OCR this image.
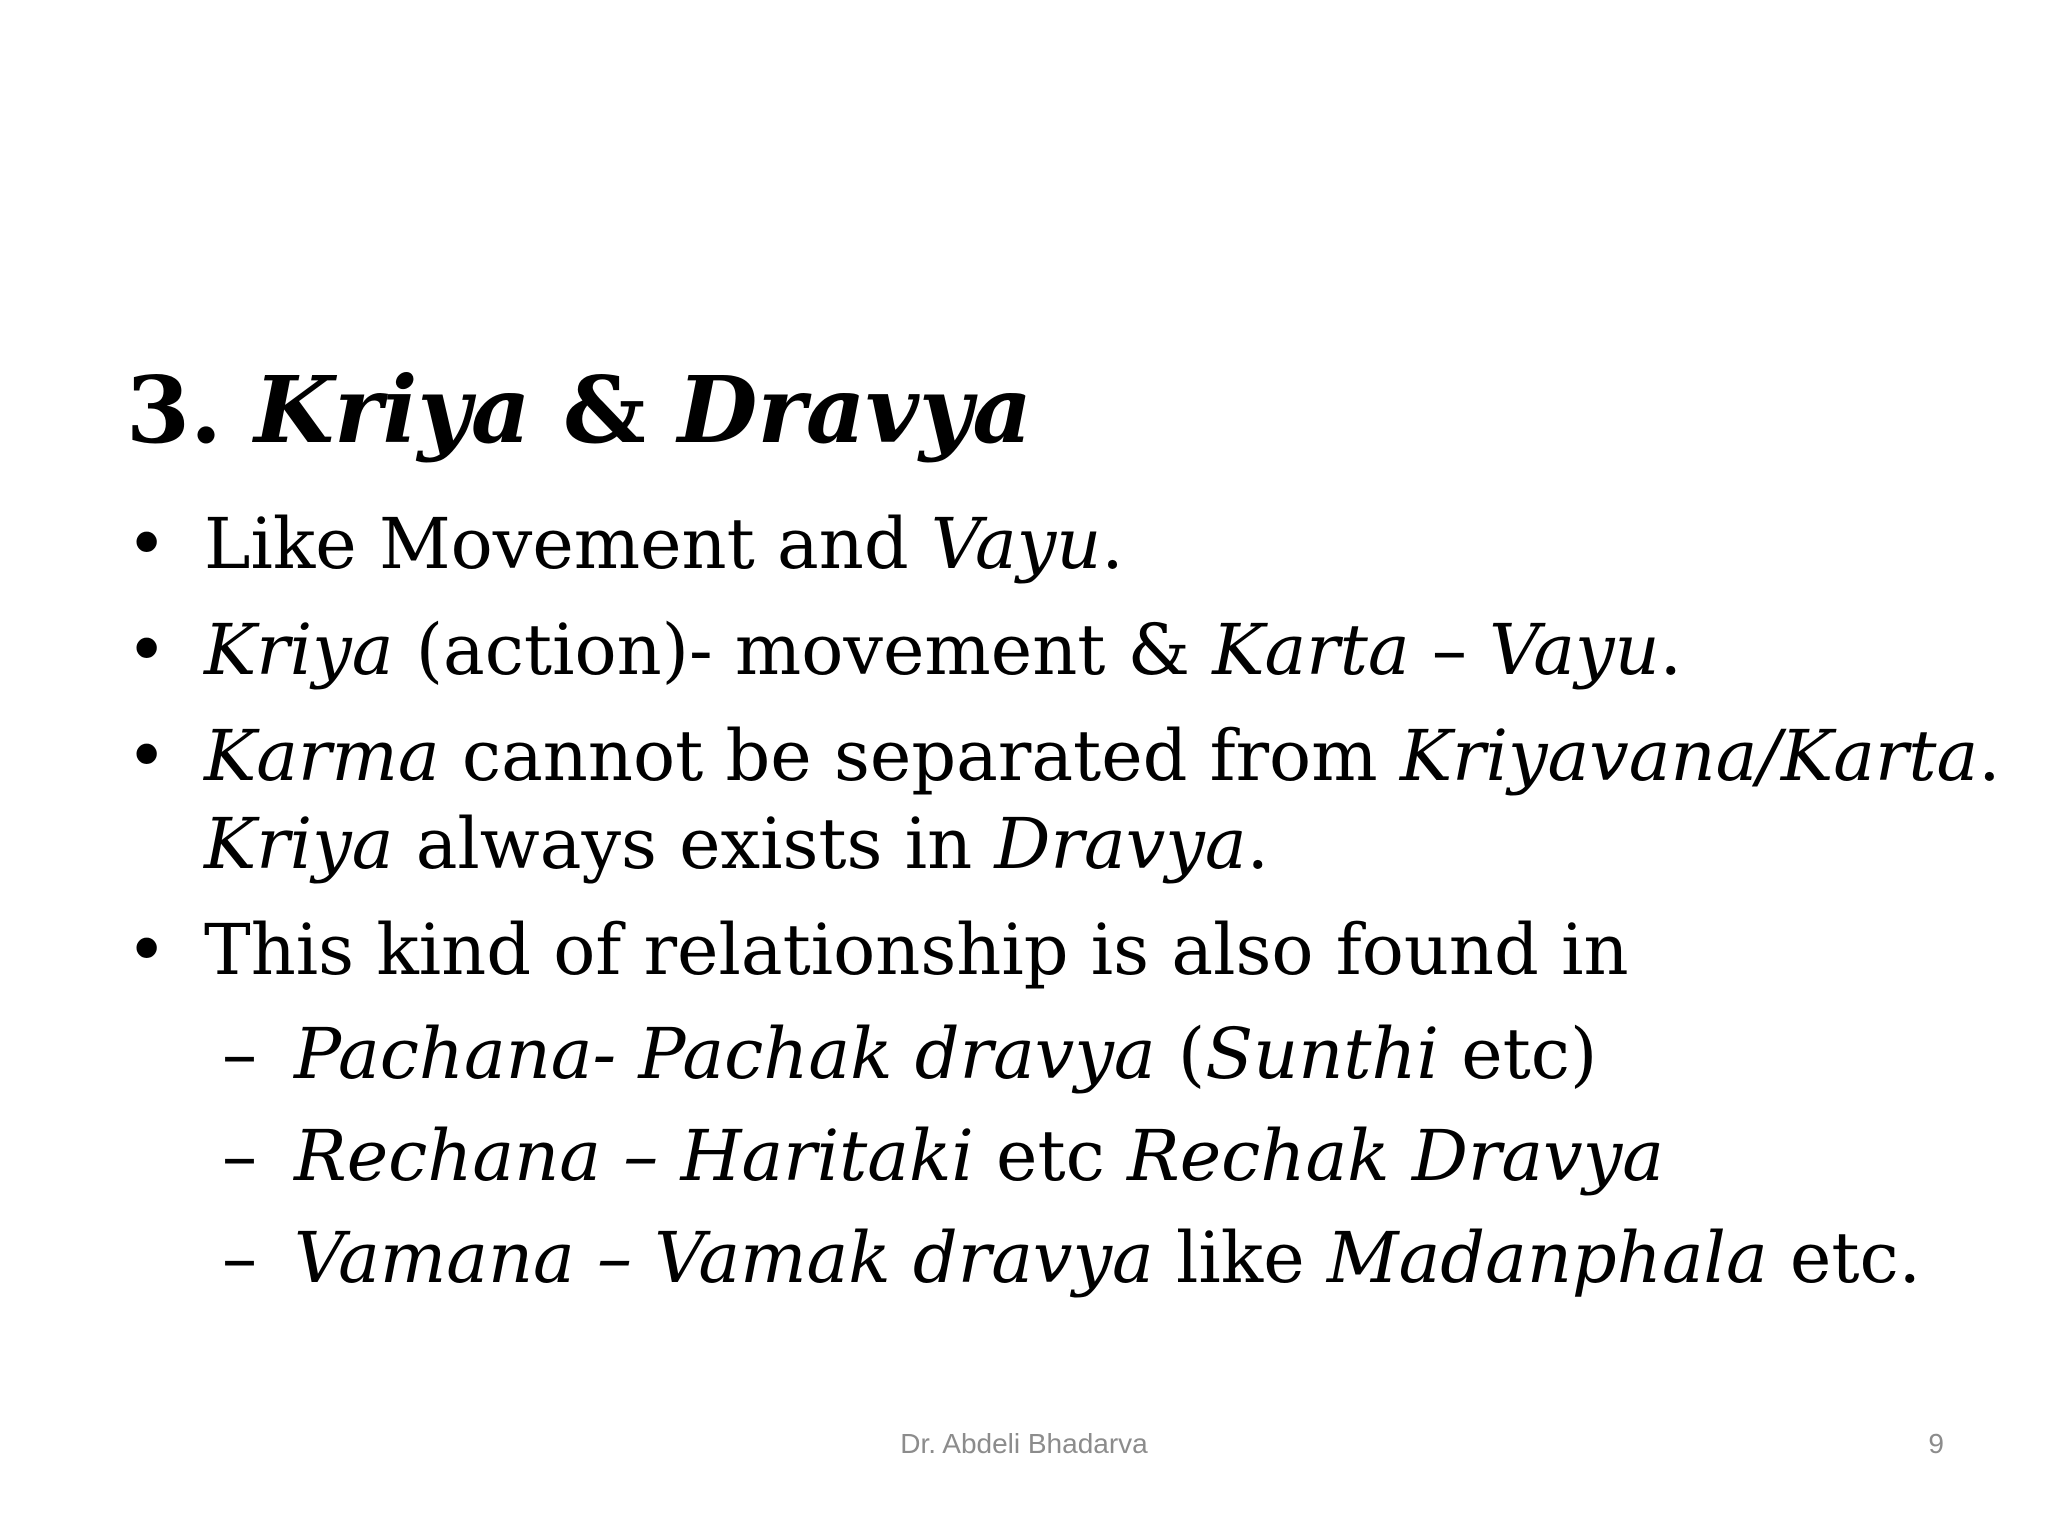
3. Kriya & Dravya
• Like Movement and Vayu.
• Kriya (action)- movement & Karta – Vayu.
• Karma cannot be separated from Kriyavana/Karta.
Kriya always exists in Dravya.
• This kind of relationship is also found in
– Pachana- Pachak dravya (Sunthi etc)
– Rechana – Haritaki etc Rechak Dravya
– Vamana – Vamak dravya like Madanphala etc.
Dr. Abdeli Bhadarva	9
